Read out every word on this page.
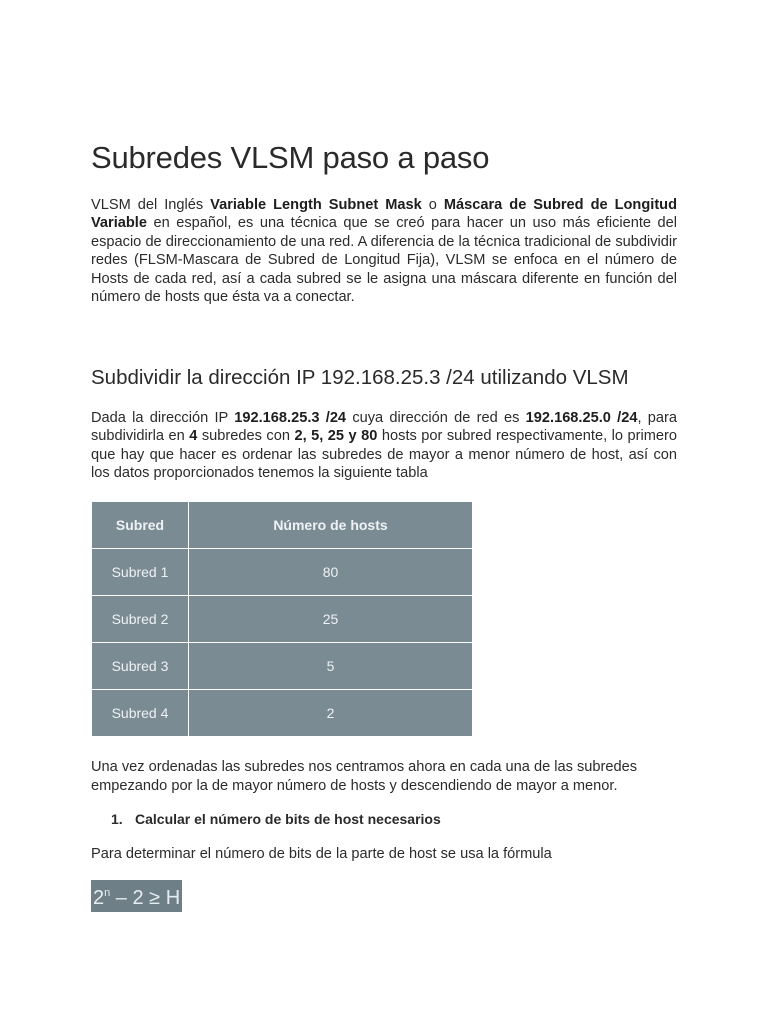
Subredes VLSM paso a paso

VLSM del Inglés Variable Length Subnet Mask o Máscara de Subred de Longitud Variable en español, es una técnica que se creó para hacer un uso más eficiente del espacio de direccionamiento de una red. A diferencia de la técnica tradicional de subdividir redes (FLSM-Mascara de Subred de Longitud Fija), VLSM se enfoca en el número de Hosts de cada red, así a cada subred se le asigna una máscara diferente en función del número de hosts que ésta va a conectar.

Subdividir la dirección IP 192.168.25.3 /24 utilizando VLSM

Dada la dirección IP 192.168.25.3 /24 cuya dirección de red es 192.168.25.0 /24, para subdividirla en 4 subredes con 2, 5, 25 y 80 hosts por subred respectivamente, lo primero que hay que hacer es ordenar las subredes de mayor a menor número de host, así con los datos proporcionados tenemos la siguiente tabla

Subred	Número de hosts
Subred 1	80
Subred 2	25
Subred 3	5
Subred 4	2

Una vez ordenadas las subredes nos centramos ahora en cada una de las subredes empezando por la de mayor número de hosts y descendiendo de mayor a menor.

1. Calcular el número de bits de host necesarios

Para determinar el número de bits de la parte de host se usa la fórmula

2$^n$ – 2 ≥ H
